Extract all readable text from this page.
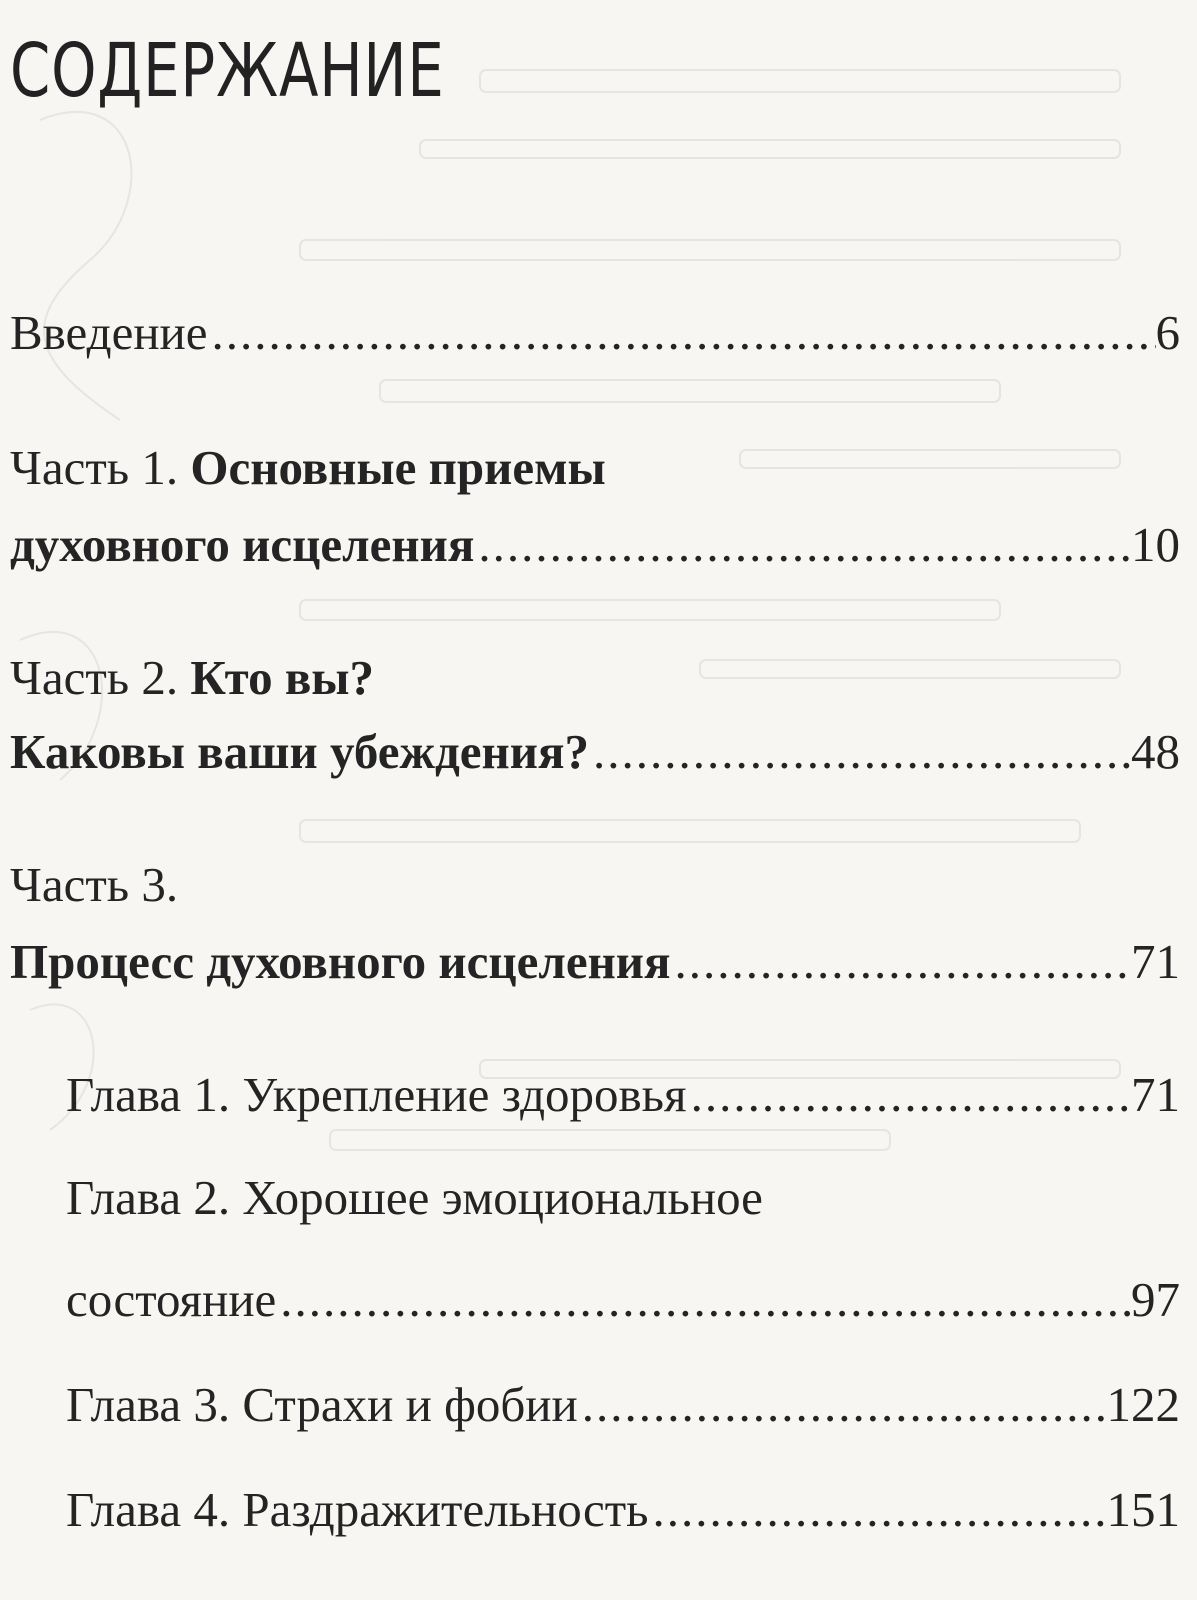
СОДЕРЖАНИЕ
Введение .....	6
Часть 1.
Основные приемы
духовного исцеления .....	10
Часть 2.
Кто вы?
Каковы ваши убеждения? .....	48
Часть 3.
Процесс духовного исцеления .....	71
Глава 1. Укрепление здоровья .....	71
Глава 2. Хорошее эмоциональное
состояние .....	97
Глава 3. Страхи и фобии .....	122
Глава 4. Раздражительность .....	151
